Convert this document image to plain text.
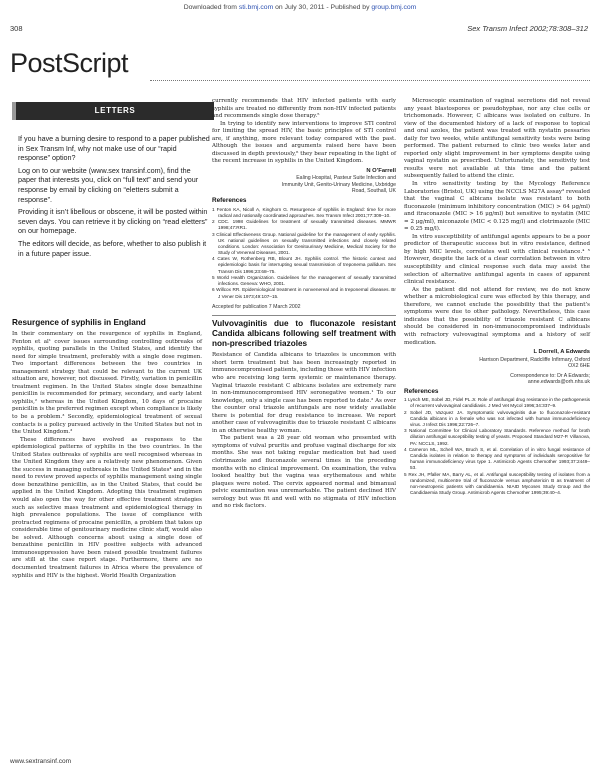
Downloaded from sti.bmj.com on July 30, 2011 - Published by group.bmj.com
308	Sex Transm Infect 2002;78:308–312
PostScript
LETTERS

If you have a burning desire to respond to a paper published in Sex Transm Inf, why not make use of our “rapid response” option?

Log on to our website (www.sex transinf.com), find the paper that interests you, click on “full text” and send your response by email by clicking on “eletters submit a response”.

Providing it isn’t libellous or obscene, it will be posted within seven days. You can retrieve it by clicking on “read eletters” on our homepage.

The editors will decide, as before, whether to also publish it in a future paper issue.

Resurgence of syphilis in England

In their commentary on the resurgence of syphilis in England, Fenton et al¹ cover issues surrounding controlling outbreaks of syphilis, quoting parallels in the United States, and identify the need for simple treatment, preferably with a single dose regimen. Two important differences between the two countries in management strategy that could be relevant to the current UK situation are, however, not discussed. Firstly, variation in penicillin treatment regimen. In the United States single dose benzathine penicillin is recommended for primary, secondary, and early latent syphilis,² whereas in the United Kingdom, 10 days of procaine penicillin is the preferred regimen except when compliance is likely to be a problem.³ Secondly, epidemiological treatment of sexual contacts is a policy pursued actively in the United States but not in the United Kingdom.³

These differences have evolved as responses to the epidemiological patterns of syphilis in the two countries. In the United States outbreaks of syphilis are well recognised whereas in the United Kingdom they are a relatively new phenomenon. Given the success in managing outbreaks in the United States⁴ and in the need to review proved aspects of syphilis management using single dose benzathine penicillin, as in the United States, that could be applied in the United Kingdom. Adopting this treatment regimen would also open the way for other effective treatment strategies such as selective mass treatment and epidemiological therapy in high prevalence populations. The issue of compliance with protracted regimens of procaine penicillin, a problem that takes up considerable time of genitourinary medicine clinic staff, would also be solved. Although concerns about using a single dose of benzathine penicillin in HIV positive subjects with advanced immunosuppression have been raised possible treatment failures are still at the case report stage. Furthermore, there are no documented treatment failures in Africa where the prevalence of syphilis and HIV is the highest. World Health Organization

currently recommends that HIV infected patients with early syphilis are treated no differently from non-HIV infected patients and recommends single dose therapy.⁵

In trying to identify new interventions to improve STI control for limiting the spread HIV, the basic principles of STI control are, if anything, more relevant today compared with the past. Although the issues and arguments raised here have been discussed in depth previously,⁶ they bear repeating in the light of the recent increase in syphilis in the United Kingdom.

N O’Farrell
Ealing Hospital, Pasteur Suite Infection and
Immunity Unit, Genito-Urinary Medicine, Uxbridge
Road, Southall, UK
References
1 Fenton KA, Nicoll A, Kinghorn G. Resurgence of syphilis in England: time for more radical and nationally coordinated approaches. Sex Transm Infect 2001;77:309–10.
2 CDC. 1998 Guidelines for treatment of sexually transmitted diseases. MMWR 1998;47:RR1.
3 Clinical Effectiveness Group. National guideline for the management of early syphilis. UK national guidelines on sexually transmitted infections and closely related conditions. London: Association for Genitourinary Medicine, Medical Society for the Study of Venereal Diseases, 2001.
4 Cates W, Rothenberg RB, Blount JH. Syphilis control. The historic context and epidemiologic basis for interrupting sexual transmission of treponema pallidum. Sex Transm Dis 1996;23:68–75.
5 World Health Organization. Guidelines for the management of sexually transmitted infections. Geneva: WHO, 2001.
6 Willcox RR. Epidemiological treatment in nonvenereal and in treponemal diseases. Br J Vener Dis 1973;49:107–15.
Accepted for publication 7 March 2002
Vulvovaginitis due to fluconazole resistant Candida albicans following self treatment with non-prescribed triazoles

Resistance of Candida albicans to triazoles is uncommon with short term treatment but has been increasingly reported in immunocompromised patients, including those with HIV infection who are receiving long term systemic or maintenance therapy. Vaginal triazole resistant C albicans isolates are extremely rare in non-immunocompromised HIV seronegative women.¹ To our knowledge, only a single case has been reported to date.² As over the counter oral triazole antifungals are now widely available there is potential for drug resistance to increase. We report another case of vulvovaginitis due to triazole resistant C albicans in an otherwise healthy woman.

The patient was a 28 year old woman who presented with symptoms of vulval pruritis and profuse vaginal discharge for six months. She was not taking regular medication but had used clotrimazole and fluconazole several times in the preceding months with no clinical improvement. On examination, the vulva looked healthy but the vagina was erythematous and white plaques were noted. The cervix appeared normal and bimanual pelvic examination was unremarkable. The patient declined HIV serology but was fit and well with no stigmata of HIV infection and no risk factors.

Microscopic examination of vaginal secretions did not reveal any yeast blastospores or pseudohyphae, nor any clue cells or trichomonads. However, C albicans was isolated on culture. In view of the documented history of a lack of response to topical and oral azoles, the patient was treated with nystatin pessaries daily for two weeks, while antifungal sensitivity tests were being performed. The patient returned to clinic two weeks later and reported only slight improvement in her symptoms despite using vaginal nystatin as prescribed. Unfortunately, the sensitivity test results were not available at this time and the patient subsequently failed to attend the clinic.

In vitro sensitivity testing by the Mycology Reference Laboratories (Bristol, UK) using the NCCLS M27A assay³ revealed that the vaginal C albicans isolate was resistant to both fluconazole (minimum inhibitory concentration (MIC) > 64 μg/ml) and itraconazole (MIC > 16 μg/ml) but sensitive to nystatin (MIC = 2 μg/ml), miconazole (MIC < 0.125 mg/l) and clotrimazole (MIC = 0.25 mg/l).

In vitro susceptibility of antifungal agents appears to be a poor predictor of therapeutic success but in vitro resistance, defined by high MIC levels, correlates well with clinical resistance.⁴ ⁵ However, despite the lack of a clear correlation between in vitro susceptibility and clinical response such data may assist the selection of alternative antifungal agents in cases of apparent clinical resistance.

As the patient did not attend for review, we do not know whether a microbiological cure was effected by this therapy, and therefore, we cannot exclude the possibility that the patient’s symptoms were due to other pathology. Nevertheless, this case indicates that the possibility of triazole resistant C albicans should be considered in non-immunocompromised individuals with refractory vulvovaginal symptoms and a history of self medication.

L Dorrell, A Edwards
Harrison Department, Radcliffe Infirmary, Oxford
OX2 6HE
Correspondence to: Dr A Edwards;
anne.edwards@orh.nhs.uk
References
1 Lynch ME, Sobel JD, Fidel PL Jr. Role of antifungal drug resistance in the pathogenesis of recurrent vulvovaginal candidiasis. J Med Vet Mycol 1996;34:337–9.
2 Sobel JD, Vazquez JA. Symptomatic vulvovaginitis due to fluconazole-resistant Candida albicans in a female who was not infected with human immunodeficiency virus. J Infect Dis 1996;22:726–7.
3 National Committee for Clinical Laboratory Standards. Reference method for broth dilution antifungal susceptibility testing of yeasts. Proposed Standard M27-P. Villanova, PA: NCCLS, 1992.
4 Cameron ML, Schell WA, Bruch S, et al. Correlation of in vitro fungal resistance of Candida isolates in relation to therapy and symptoms of individuals seropositive for human immunodeficiency virus type 1. Antimicrob Agents Chemother 1993;37:2449–53.
5 Rex JH, Pfaller MA, Barry AL, et al. Antifungal susceptibility testing of isolates from a randomized, multicentre trial of fluconazole versus amphotericin B as treatment of non-neutropenic patients with candidaemia. NIAID Mycoses Study Group and the Candidaemia Study Group. Antimicrob Agents Chemother 1995;39:40–4.
www.sextransinf.com
